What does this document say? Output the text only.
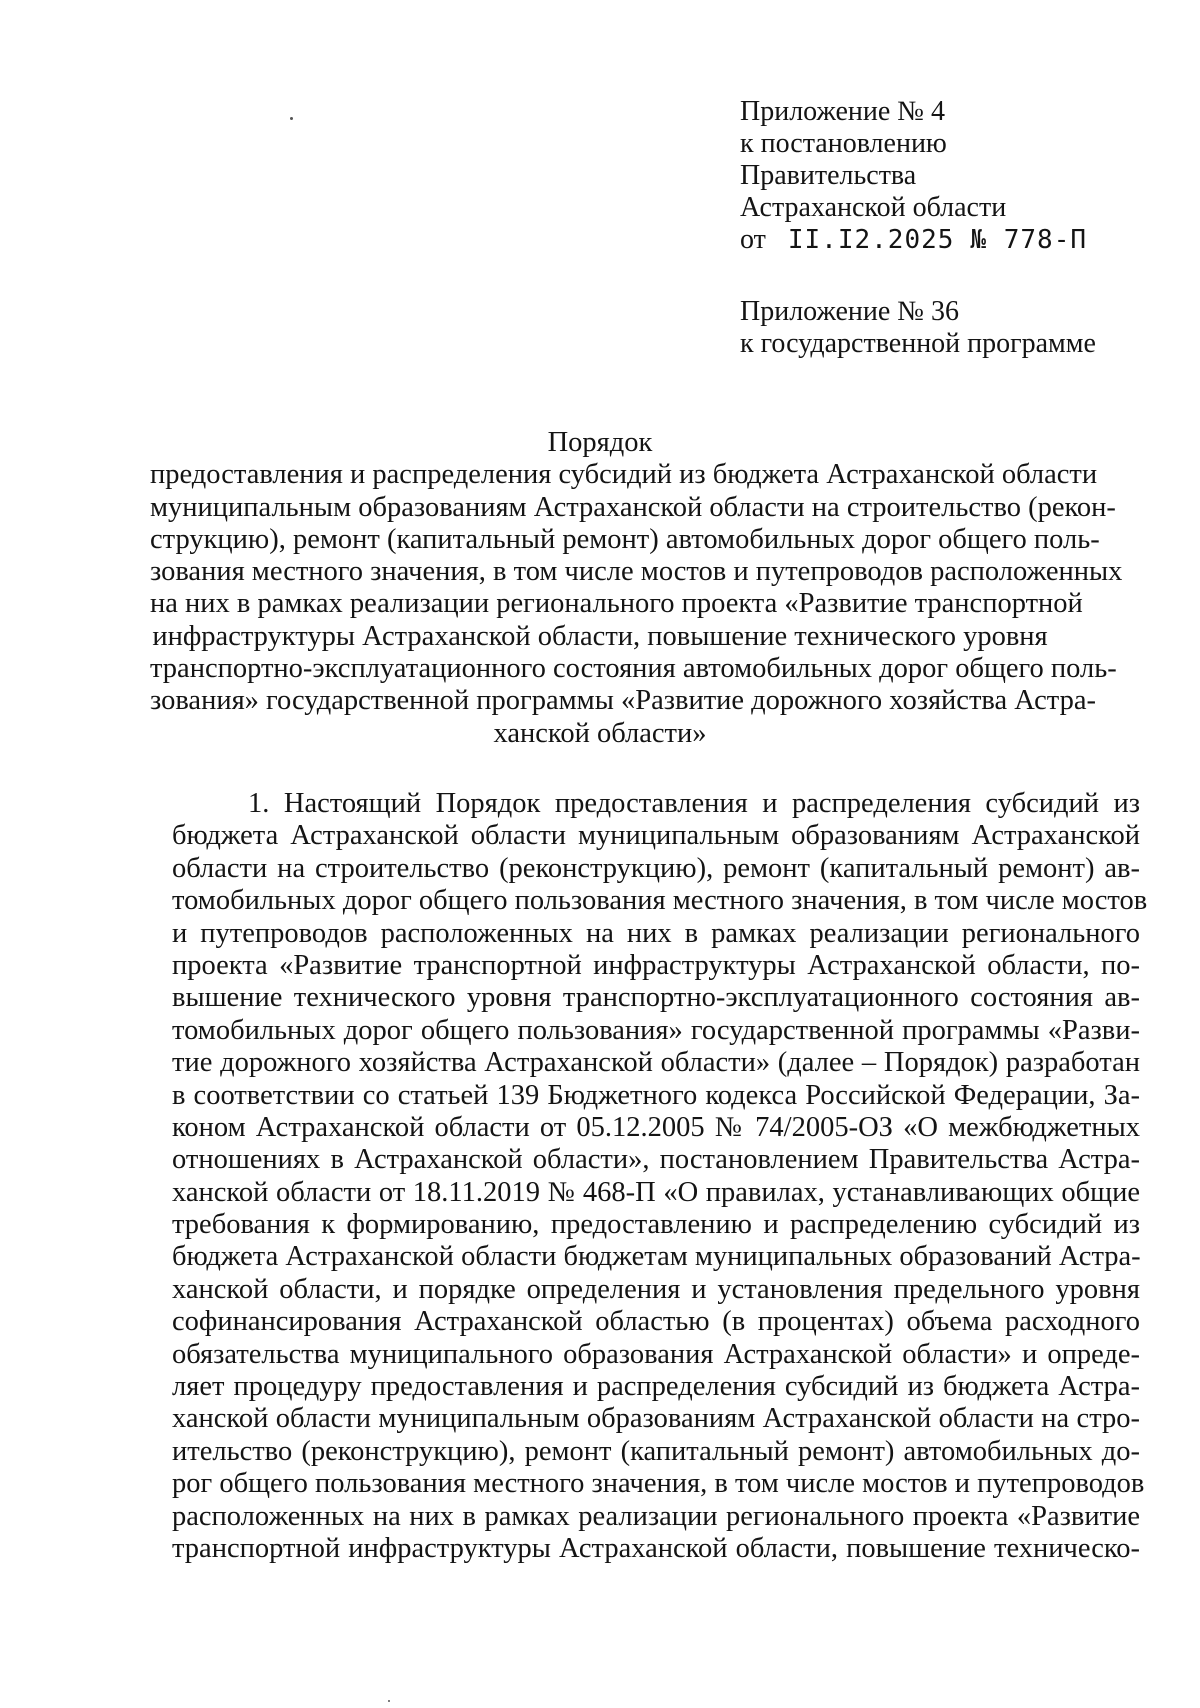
Приложение № 4
к постановлению
Правительства
Астраханской области
от II.I2.2025 № 778-П
Приложение № 36
к государственной программе
Порядок
предоставления и распределения субсидий из бюджета Астраханской области
муниципальным образованиям Астраханской области на строительство (рекон-
струкцию), ремонт (капитальный ремонт) автомобильных дорог общего поль-
зования местного значения, в том числе мостов и путепроводов расположенных
на них в рамках реализации регионального проекта «Развитие транспортной
инфраструктуры Астраханской области, повышение технического уровня
транспортно-эксплуатационного состояния автомобильных дорог общего поль-
зования» государственной программы «Развитие дорожного хозяйства Астра-
ханской области»
1. Настоящий Порядок предоставления и распределения субсидий из
бюджета Астраханской области муниципальным образованиям Астраханской
области на строительство (реконструкцию), ремонт (капитальный ремонт) ав-
томобильных дорог общего пользования местного значения, в том числе мостов
и путепроводов расположенных на них в рамках реализации регионального
проекта «Развитие транспортной инфраструктуры Астраханской области, по-
вышение технического уровня транспортно-эксплуатационного состояния ав-
томобильных дорог общего пользования» государственной программы «Разви-
тие дорожного хозяйства Астраханской области» (далее – Порядок) разработан
в соответствии со статьей 139 Бюджетного кодекса Российской Федерации, За-
коном Астраханской области от 05.12.2005 № 74/2005-ОЗ «О межбюджетных
отношениях в Астраханской области», постановлением Правительства Астра-
ханской области от 18.11.2019 № 468-П «О правилах, устанавливающих общие
требования к формированию, предоставлению и распределению субсидий из
бюджета Астраханской области бюджетам муниципальных образований Астра-
ханской области, и порядке определения и установления предельного уровня
софинансирования Астраханской областью (в процентах) объема расходного
обязательства муниципального образования Астраханской области» и опреде-
ляет процедуру предоставления и распределения субсидий из бюджета Астра-
ханской области муниципальным образованиям Астраханской области на стро-
ительство (реконструкцию), ремонт (капитальный ремонт) автомобильных до-
рог общего пользования местного значения, в том числе мостов и путепроводов
расположенных на них в рамках реализации регионального проекта «Развитие
транспортной инфраструктуры Астраханской области, повышение техническо-
